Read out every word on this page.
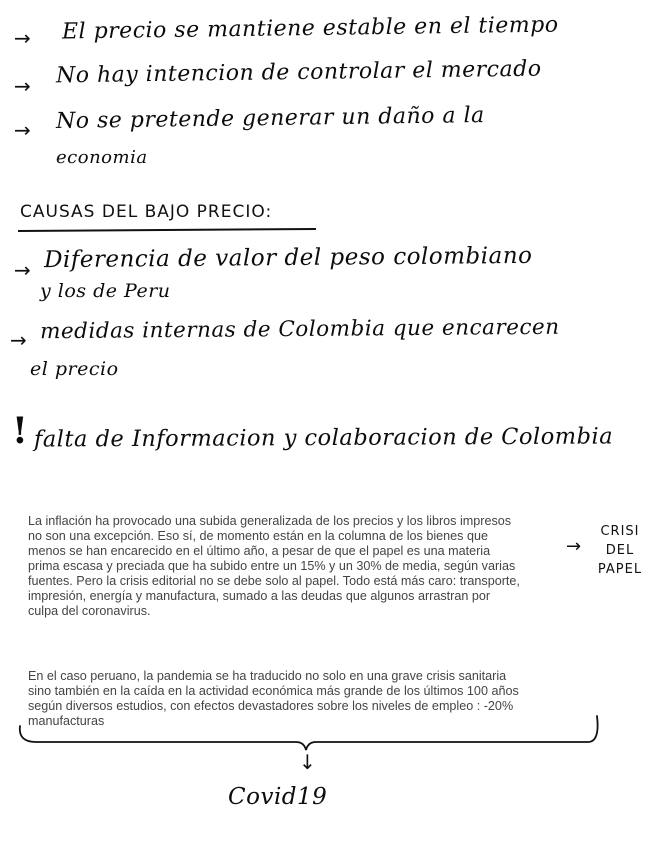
→ El precio se mantiene estable en el tiempo
→ No hay intencion de controlar el mercado
→ No se pretende generar un daño a la
economia
CAUSAS DEL BAJO PRECIO:
→ Diferencia de valor del peso colombiano
y los de Peru
→ medidas internas de Colombia que encarecen
el precio
! falta de Informacion y colaboracion de Colombia
La inflación ha provocado una subida generalizada de los precios y los libros impresos
no son una excepción. Eso sí, de momento están en la columna de los bienes que
menos se han encarecido en el último año, a pesar de que el papel es una materia
prima escasa y preciada que ha subido entre un 15% y un 30% de media, según varias
fuentes. Pero la crisis editorial no se debe solo al papel. Todo está más caro: transporte,
impresión, energía y manufactura, sumado a las deudas que algunos arrastran por
culpa del coronavirus.
→
CRISI
DEL
PAPEL
En el caso peruano, la pandemia se ha traducido no solo en una grave crisis sanitaria
sino también en la caída en la actividad económica más grande de los últimos 100 años
según diversos estudios, con efectos devastadores sobre los niveles de empleo : -20%
manufacturas
↓
Covid19
